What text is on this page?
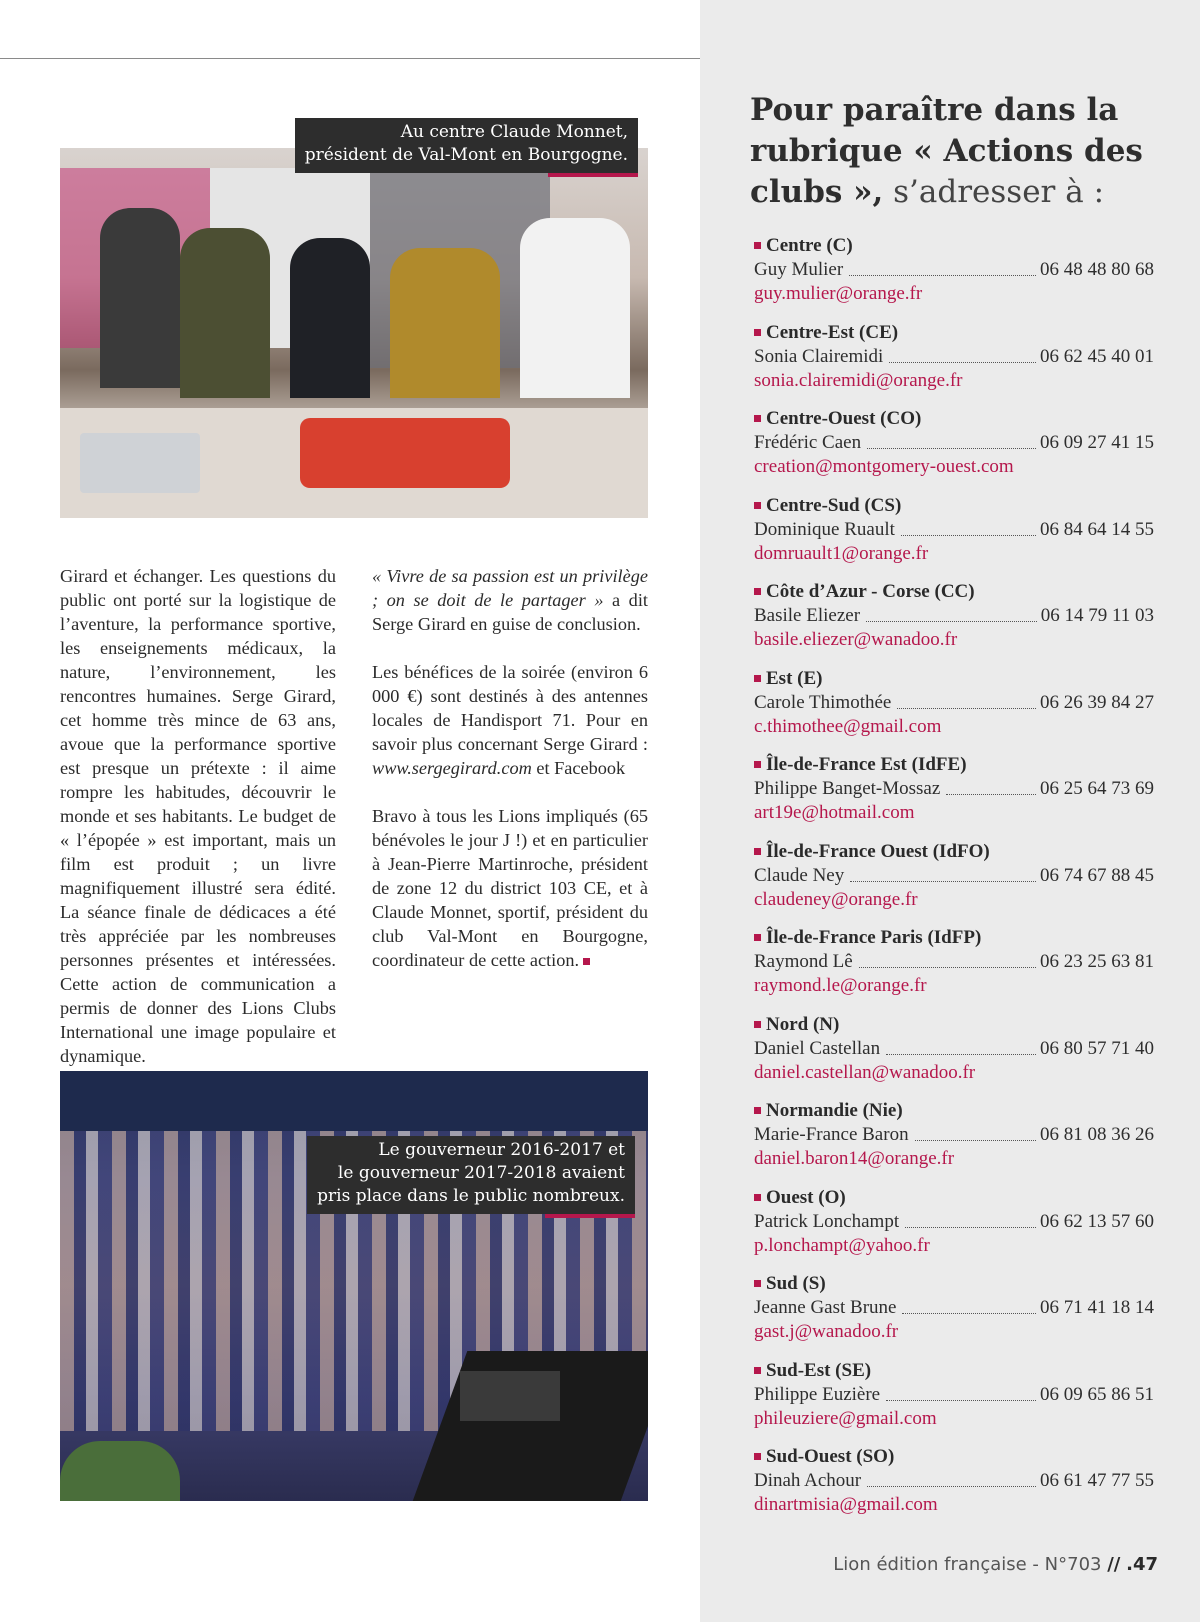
Au centre Claude Monnet,
président de Val-Mont en Bourgogne.

Girard et échanger. Les questions du public ont porté sur la logistique de l’aventure, la performance sportive, les enseignements médicaux, la nature, l’environnement, les rencontres humaines. Serge Girard, cet homme très mince de 63 ans, avoue que la performance sportive est presque un prétexte : il aime rompre les habitudes, découvrir le monde et ses habitants. Le budget de « l’épopée » est important, mais un film est produit ; un livre magnifiquement illustré sera édité. La séance finale de dédicaces a été très appréciée par les nombreuses personnes présentes et intéressées. Cette action de communication a permis de donner des Lions Clubs International une image populaire et dynamique.

« Vivre de sa passion est un privilège ; on se doit de le partager » a dit Serge Girard en guise de conclusion.

Les bénéfices de la soirée (environ 6 000 €) sont destinés à des antennes locales de Handisport 71. Pour en savoir plus concernant Serge Girard : www.sergegirard.com et Facebook

Bravo à tous les Lions impliqués (65 bénévoles le jour J !) et en particulier à Jean-Pierre Martinroche, président de zone 12 du district 103 CE, et à Claude Monnet, sportif, président du club Val-Mont en Bourgogne, coordinateur de cette action.

Le gouverneur 2016-2017 et
le gouverneur 2017-2018 avaient
pris place dans le public nombreux.
Pour paraître dans la rubrique « Actions des clubs », s’adresser à :
Centre (C)
Guy Mulier	06 48 48 80 68
guy.mulier@orange.fr
Centre-Est (CE)
Sonia Clairemidi	06 62 45 40 01
sonia.clairemidi@orange.fr
Centre-Ouest (CO)
Frédéric Caen	06 09 27 41 15
creation@montgomery-ouest.com
Centre-Sud (CS)
Dominique Ruault	06 84 64 14 55
domruault1@orange.fr
Côte d’Azur - Corse (CC)
Basile Eliezer	06 14 79 11 03
basile.eliezer@wanadoo.fr
Est (E)
Carole Thimothée	06 26 39 84 27
c.thimothee@gmail.com
Île-de-France Est (IdFE)
Philippe Banget-Mossaz	06 25 64 73 69
art19e@hotmail.com
Île-de-France Ouest (IdFO)
Claude Ney	06 74 67 88 45
claudeney@orange.fr
Île-de-France Paris (IdFP)
Raymond Lê	06 23 25 63 81
raymond.le@orange.fr
Nord (N)
Daniel Castellan	06 80 57 71 40
daniel.castellan@wanadoo.fr
Normandie (Nie)
Marie-France Baron	06 81 08 36 26
daniel.baron14@orange.fr
Ouest (O)
Patrick Lonchampt	06 62 13 57 60
p.lonchampt@yahoo.fr
Sud (S)
Jeanne Gast Brune	06 71 41 18 14
gast.j@wanadoo.fr
Sud-Est (SE)
Philippe Euzière	06 09 65 86 51
phileuziere@gmail.com
Sud-Ouest (SO)
Dinah Achour	06 61 47 77 55
dinartmisia@gmail.com
Lion édition française - N°703 // .47
